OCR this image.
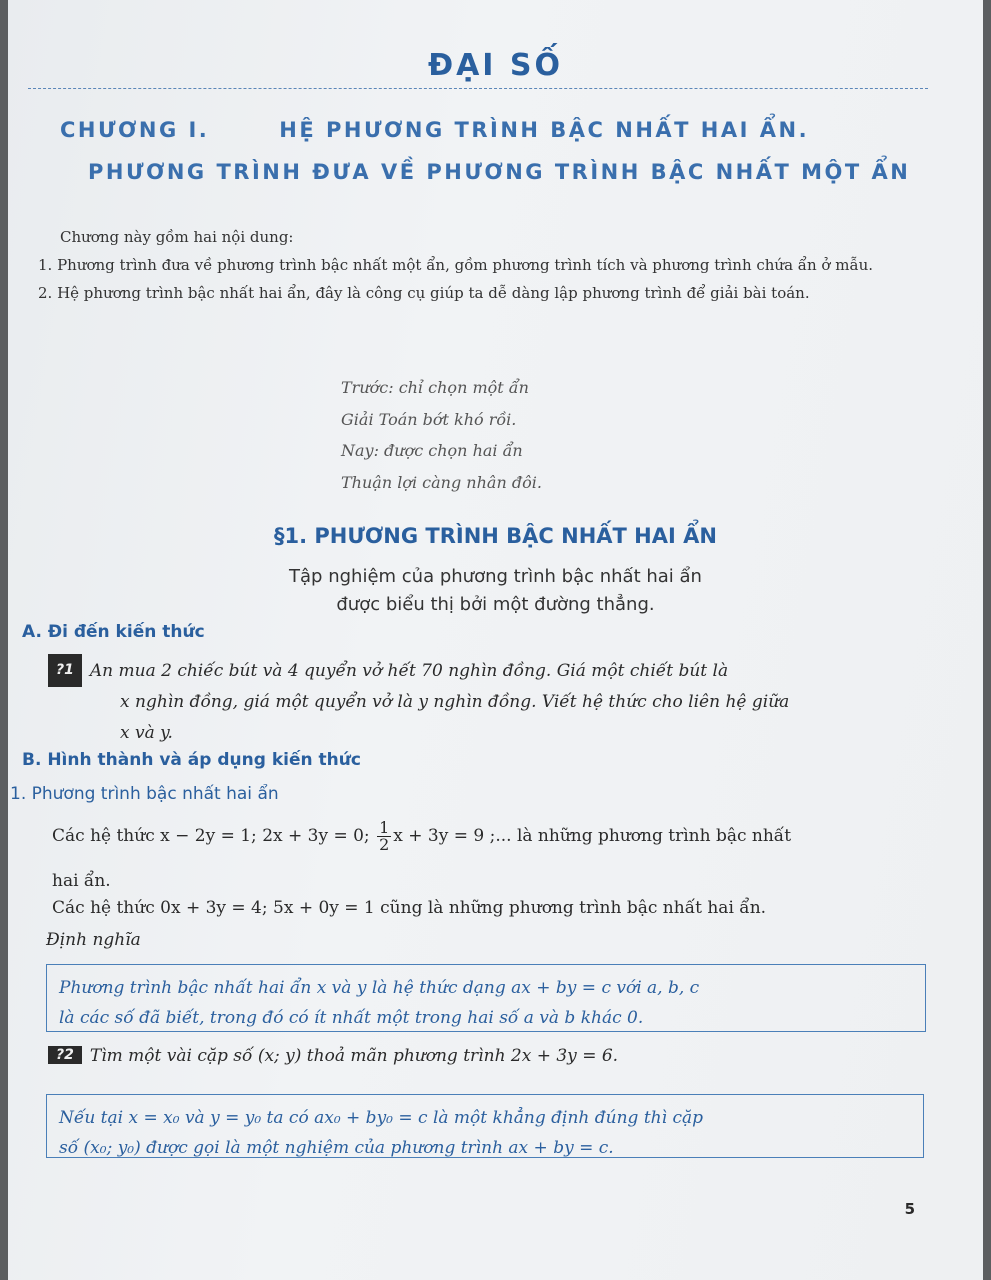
ĐẠI SỐ
CHƯƠNG I.	HỆ PHƯƠNG TRÌNH BẬC NHẤT HAI ẨN.
PHƯƠNG TRÌNH ĐƯA VỀ PHƯƠNG TRÌNH BẬC NHẤT MỘT ẨN

Chương này gồm hai nội dung:

1. Phương trình đưa về phương trình bậc nhất một ẩn, gồm phương trình tích và phương trình chứa ẩn ở mẫu.

2. Hệ phương trình bậc nhất hai ẩn, đây là công cụ giúp ta dễ dàng lập phương trình để giải bài toán.

Trước: chỉ chọn một ẩn
Giải Toán bớt khó rồi.
Nay: được chọn hai ẩn
Thuận lợi càng nhân đôi.
§1. PHƯƠNG TRÌNH BẬC NHẤT HAI ẨN
Tập nghiệm của phương trình bậc nhất hai ẩn
được biểu thị bởi một đường thẳng.
A. Đi đến kiến thức
?1 An mua 2 chiếc bút và 4 quyển vở hết 70 nghìn đồng. Giá một chiết bút là
x nghìn đồng, giá một quyển vở là y nghìn đồng. Viết hệ thức cho liên hệ giữa
x và y.
B. Hình thành và áp dụng kiến thức
1. Phương trình bậc nhất hai ẩn
Các hệ thức x − 2y = 1; 2x + 3y = 0; $\frac{1}{2}$ x + 3y = 9 ;... là những phương trình bậc nhất
hai ẩn.
Các hệ thức 0x + 3y = 4; 5x + 0y = 1 cũng là những phương trình bậc nhất hai ẩn.
Định nghĩa
Phương trình bậc nhất hai ẩn x và y là hệ thức dạng ax + by = c với a, b, c
là các số đã biết, trong đó có ít nhất một trong hai số a và b khác 0.
?2 Tìm một vài cặp số (x; y) thoả mãn phương trình 2x + 3y = 6.
Nếu tại x = x₀ và y = y₀ ta có ax₀ + by₀ = c là một khẳng định đúng thì cặp
số (x₀; y₀) được gọi là một nghiệm của phương trình ax + by = c.
5
